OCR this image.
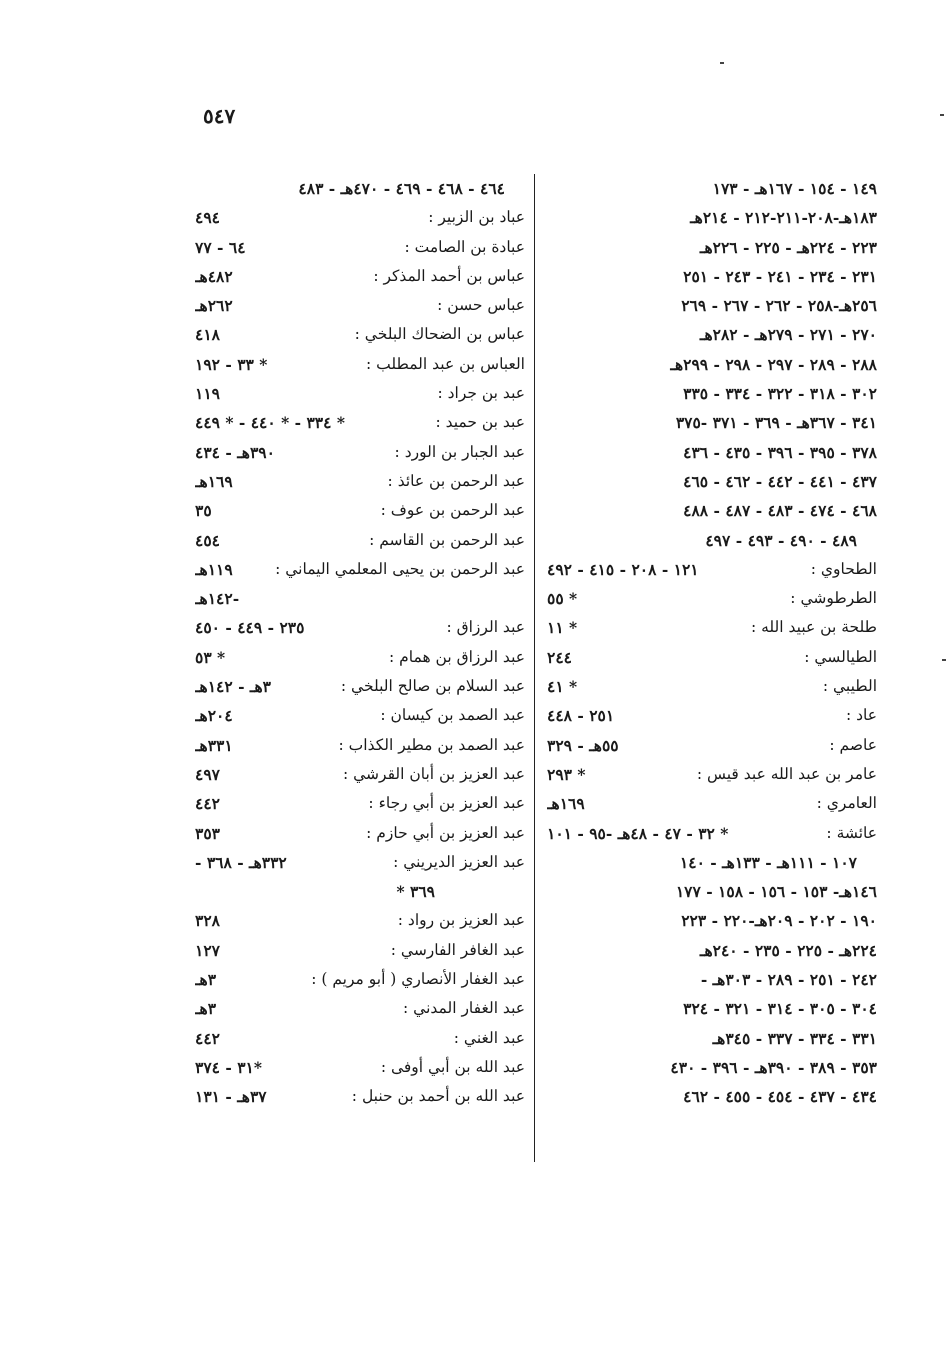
٥٤٧
١٤٩ - ١٥٤ - ١٦٧هـ - ١٧٣
١٨٣هـ-٢٠٨-٢١١-٢١٢ - ٢١٤هـ
٢٢٣ - ٢٢٤هـ - ٢٢٥ - ٢٢٦هـ
٢٣١ - ٢٣٤ - ٢٤١ - ٢٤٣ - ٢٥١
٢٥٦هـ-٢٥٨ - ٢٦٢ - ٢٦٧ - ٢٦٩
٢٧٠ - ٢٧١ - ٢٧٩هـ - ٢٨٢هـ
٢٨٨ - ٢٨٩ - ٢٩٧ - ٢٩٨ - ٢٩٩هـ
٣٠٢ - ٣١٨ - ٣٢٢ - ٣٣٤ - ٣٣٥
٣٤١ - ٣٦٧هـ - ٣٦٩ - ٣٧١ -٣٧٥
٣٧٨ - ٣٩٥ - ٣٩٦ - ٤٣٥ - ٤٣٦
٤٣٧ - ٤٤١ - ٤٤٢ - ٤٦٢ - ٤٦٥
٤٦٨ - ٤٧٤ - ٤٨٣ - ٤٨٧ - ٤٨٨
٤٨٩ - ٤٩٠ - ٤٩٣ - ٤٩٧
الطحاوي :
١٢١ - ٢٠٨ - ٤١٥ - ٤٩٢
الطرطوشي :
* ٥٥
طلحة بن عبيد الله :
* ١١
الطيالسي :
٢٤٤
الطيبي :
* ٤١
عاد :
٢٥١ - ٤٤٨
عاصم :
٥٥هـ - ٣٢٩
عامر بن عبد الله عبد قيس :
* ٢٩٣
العامري :
١٦٩هـ
عائشة :
* ٣٢ - ٤٧ - ٤٨هـ -٩٥ - ١٠١
١٠٧ - ١١١هـ - ١٣٣هـ - ١٤٠
١٤٦هـ- ١٥٣ - ١٥٦ - ١٥٨ - ١٧٧
١٩٠ - ٢٠٢ - ٢٠٩هـ-٢٢٠ - ٢٢٣
٢٢٤هـ - ٢٢٥ - ٢٣٥ - ٢٤٠هـ
٢٤٢ - ٢٥١ - ٢٨٩ - ٣٠٣هـ -
٣٠٤ - ٣٠٥ - ٣١٤ - ٣٢١ - ٣٢٤
٣٣١ - ٣٣٤ - ٣٣٧ - ٣٤٥هـ
٣٥٣ - ٣٨٩ - ٣٩٠هـ - ٣٩٦ - ٤٣٠
٤٣٤ - ٤٣٧ - ٤٥٤ - ٤٥٥ - ٤٦٢
٤٦٤ - ٤٦٨ - ٤٦٩ - ٤٧٠هـ - ٤٨٣
عباد بن الزبير :
٤٩٤
عبادة بن الصامت :
٦٤ - ٧٧
عباس بن أحمد المذكر :
٤٨٢هـ
عباس حسن :
٢٦٢هـ
عباس بن الضحاك البلخي :
٤١٨
العباس بن عبد المطلب :
* ٣٣ - ١٩٢
عبد بن جراد :
١١٩
عبد بن حميد :
* ٣٣٤ - * ٤٤٠ - * ٤٤٩
عبد الجبار بن الورد :
٣٩٠هـ - ٤٣٤
عبد الرحمن بن عائذ :
١٦٩هـ
عبد الرحمن بن عوف :
٣٥
عبد الرحمن بن القاسم :
٤٥٤
عبد الرحمن بن يحيى المعلمي اليماني :
١١٩هـ
-١٤٢هـ
عبد الرزاق :
٢٣٥ - ٤٤٩ - ٤٥٠
عبد الرزاق بن همام :
* ٥٣
عبد السلام بن صالح البلخي :
٣هـ - ١٤٢هـ
عبد الصمد بن كيسان :
٢٠٤هـ
عبد الصمد بن مطير الكذاب :
٣٣١هـ
عبد العزيز بن أبان القرشي :
٤٩٧
عبد العزيز بن أبي رجاء :
٤٤٢
عبد العزيز بن أبي حازم :
٣٥٣
عبد العزيز الديريني :
٣٣٢هـ - ٣٦٨ -
٣٦٩ *
عبد العزيز بن رواد :
٣٢٨
عبد الغافر الفارسي :
١٢٧
عبد الغفار الأنصاري ( أبو مريم ) :
٣هـ
عبد الغفار المدني :
٣هـ
عبد الغني :
٤٤٢
عبد الله بن أبي أوفى :
*٣١ - ٣٧٤
عبد الله بن أحمد بن حنبل :
٣٧هـ - ١٣١
